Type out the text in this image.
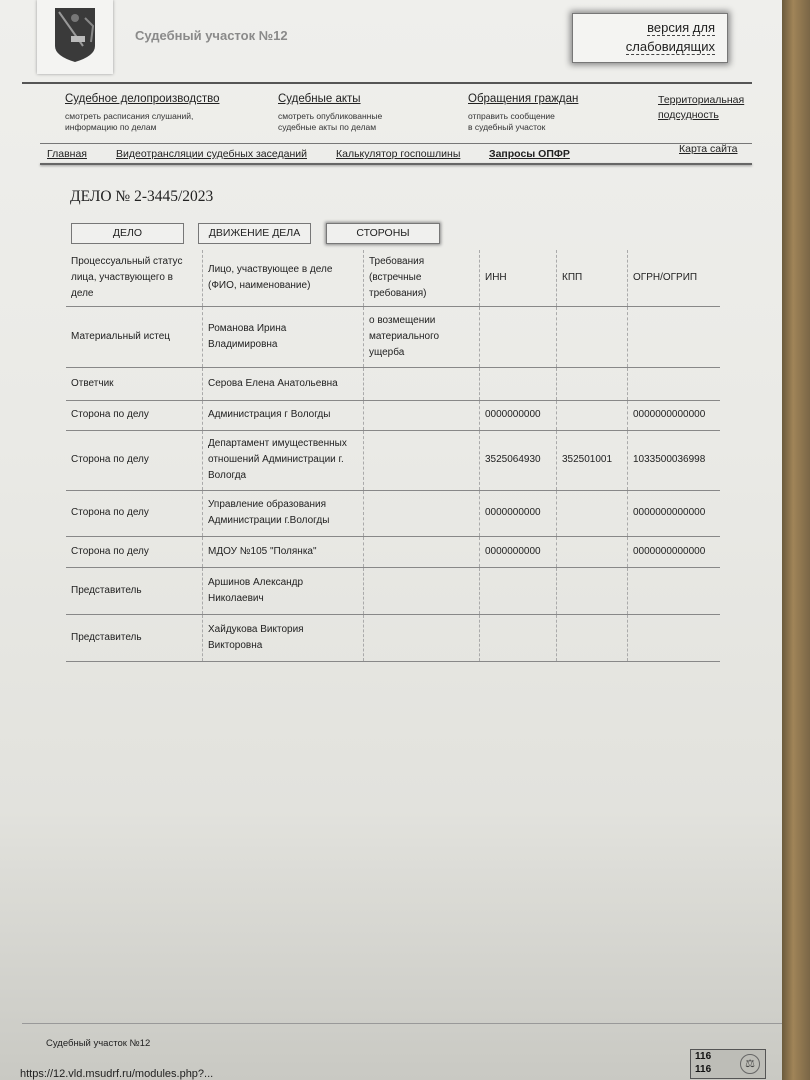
Судебный участок №12
версия для
слабовидящих
Судебное делопроизводство
смотреть расписания слушаний,
информацию по делам
Судебные акты
смотреть опубликованные
судебные акты по делам
Обращения граждан
отправить сообщение
в судебный участок
Территориальная подсудность
Главная	Видеотрансляции судебных заседаний	Калькулятор госпошлины	Запросы ОПФР	Карта сайта
ДЕЛО № 2-3445/2023
ДЕЛО	ДВИЖЕНИЕ ДЕЛА	СТОРОНЫ
Процессуальный статус лица, участвующего в деле	Лицо, участвующее в деле (ФИО, наименование)	Требования (встречные требования)	ИНН	КПП	ОГРН/ОГРИП
Материальный истец	Романова Ирина Владимировна	о возмещении материального ущерба			
Ответчик	Серова Елена Анатольевна				
Сторона по делу	Администрация г Вологды		0000000000		0000000000000
Сторона по делу	Департамент имущественных отношений Администрации г. Вологда		3525064930	352501001	1033500036998
Сторона по делу	Управление образования Администрации г.Вологды		0000000000		0000000000000
Сторона по делу	МДОУ №105 "Полянка"		0000000000		0000000000000
Представитель	Аршинов Александр Николаевич				
Представитель	Хайдукова Виктория Викторовна				
Судебный участок №12
https://12.vld.msudrf.ru/modules.php?...
116
116	⚖
